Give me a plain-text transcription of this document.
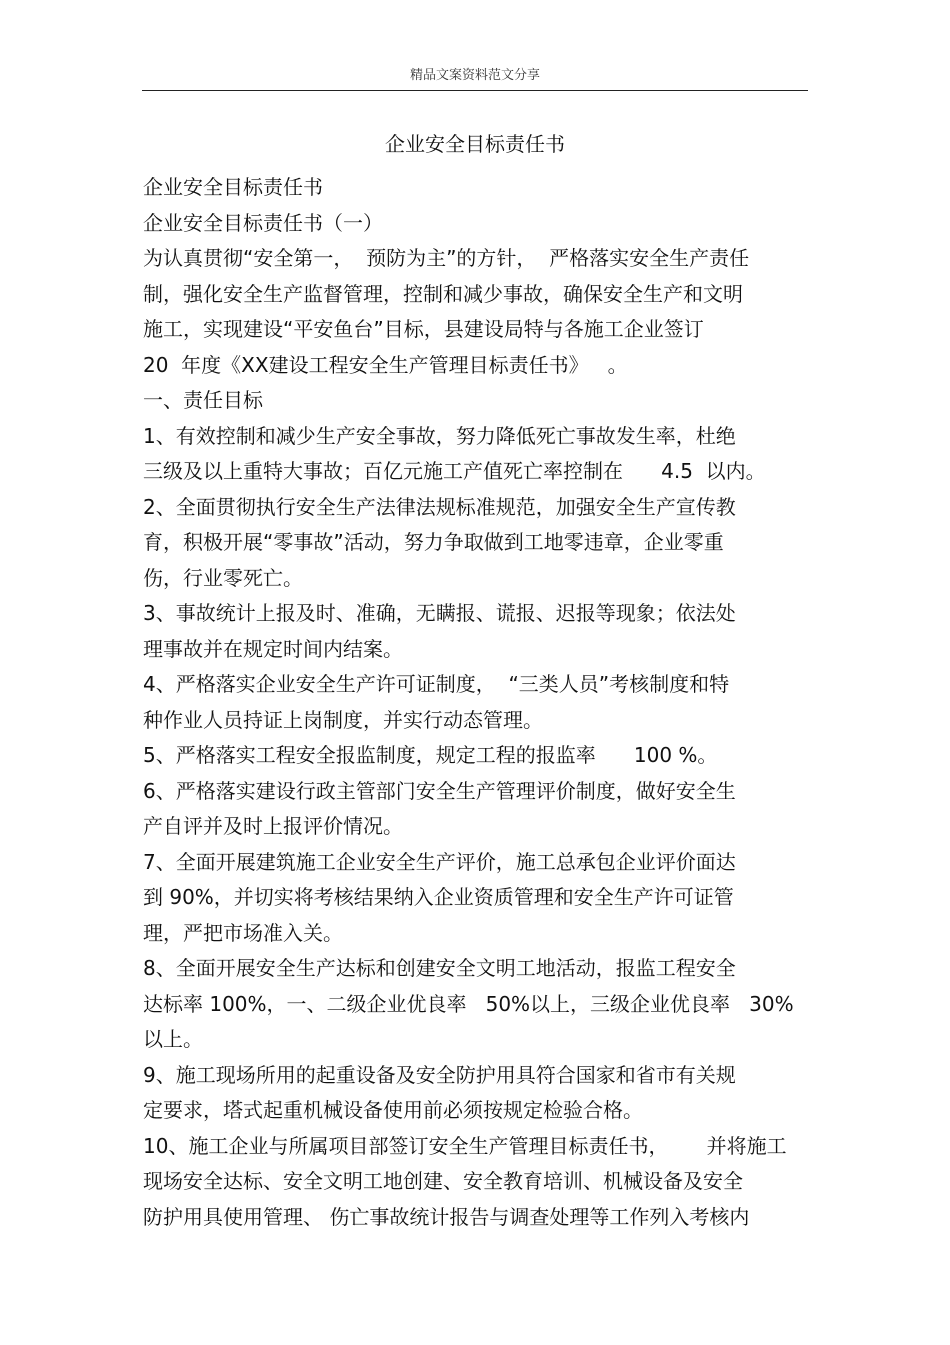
精品文案资料范文分享
企业安全目标责任书
企业安全目标责任书
企业安全目标责任书（一）
为认真贯彻“安全第一，  预防为主”的方针，  严格落实安全生产责任
制，强化安全生产监督管理，控制和减少事故，确保安全生产和文明
施工，实现建设“平安鱼台”目标，县建设局特与各施工企业签订
20  年度《XX建设工程安全生产管理目标责任书》   。
一、责任目标
1、有效控制和减少生产安全事故，努力降低死亡事故发生率，杜绝
三级及以上重特大事故；百亿元施工产值死亡率控制在      4.5  以内。
2、全面贯彻执行安全生产法律法规标准规范，加强安全生产宣传教
育，积极开展“零事故”活动，努力争取做到工地零违章，企业零重
伤，行业零死亡。
3、事故统计上报及时、准确，无瞒报、谎报、迟报等现象；依法处
理事故并在规定时间内结案。
4、严格落实企业安全生产许可证制度，  “三类人员”考核制度和特
种作业人员持证上岗制度，并实行动态管理。
5、严格落实工程安全报监制度，规定工程的报监率      100 %。
6、严格落实建设行政主管部门安全生产管理评价制度，做好安全生
产自评并及时上报评价情况。
7、全面开展建筑施工企业安全生产评价，施工总承包企业评价面达
到 90%，并切实将考核结果纳入企业资质管理和安全生产许可证管
理，严把市场准入关。
8、全面开展安全生产达标和创建安全文明工地活动，报监工程安全
达标率 100%，一、二级企业优良率   50%以上，三级企业优良率   30%
以上。
9、施工现场所用的起重设备及安全防护用具符合国家和省市有关规
定要求，塔式起重机械设备使用前必须按规定检验合格。
10、施工企业与所属项目部签订安全生产管理目标责任书，      并将施工
现场安全达标、安全文明工地创建、安全教育培训、机械设备及安全
防护用具使用管理、 伤亡事故统计报告与调查处理等工作列入考核内
